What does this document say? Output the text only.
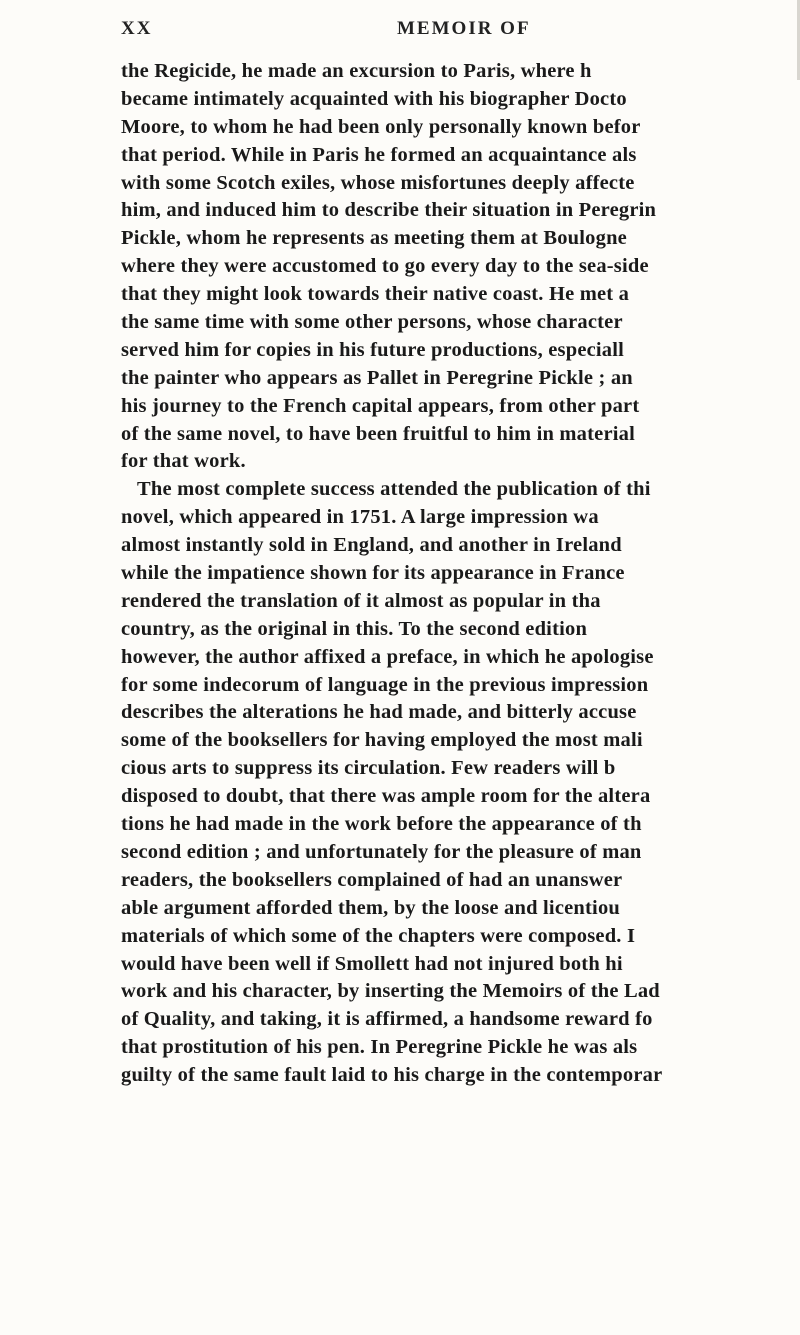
XX	MEMOIR OF
the Regicide, he made an excursion to Paris, where h
became intimately acquainted with his biographer Docto
Moore, to whom he had been only personally known befor
that period. While in Paris he formed an acquaintance als
with some Scotch exiles, whose misfortunes deeply affecte
him, and induced him to describe their situation in Peregrin
Pickle, whom he represents as meeting them at Boulogne
where they were accustomed to go every day to the sea-side
that they might look towards their native coast. He met a
the same time with some other persons, whose character
served him for copies in his future productions, especiall
the painter who appears as Pallet in Peregrine Pickle ; an
his journey to the French capital appears, from other part
of the same novel, to have been fruitful to him in material
for that work.
The most complete success attended the publication of thi
novel, which appeared in 1751. A large impression wa
almost instantly sold in England, and another in Ireland
while the impatience shown for its appearance in France
rendered the translation of it almost as popular in tha
country, as the original in this. To the second edition
however, the author affixed a preface, in which he apologise
for some indecorum of language in the previous impression
describes the alterations he had made, and bitterly accuse
some of the booksellers for having employed the most mali
cious arts to suppress its circulation. Few readers will b
disposed to doubt, that there was ample room for the altera
tions he had made in the work before the appearance of th
second edition ; and unfortunately for the pleasure of man
readers, the booksellers complained of had an unanswer
able argument afforded them, by the loose and licentiou
materials of which some of the chapters were composed. I
would have been well if Smollett had not injured both hi
work and his character, by inserting the Memoirs of the Lad
of Quality, and taking, it is affirmed, a handsome reward fo
that prostitution of his pen. In Peregrine Pickle he was als
guilty of the same fault laid to his charge in the contemporar
